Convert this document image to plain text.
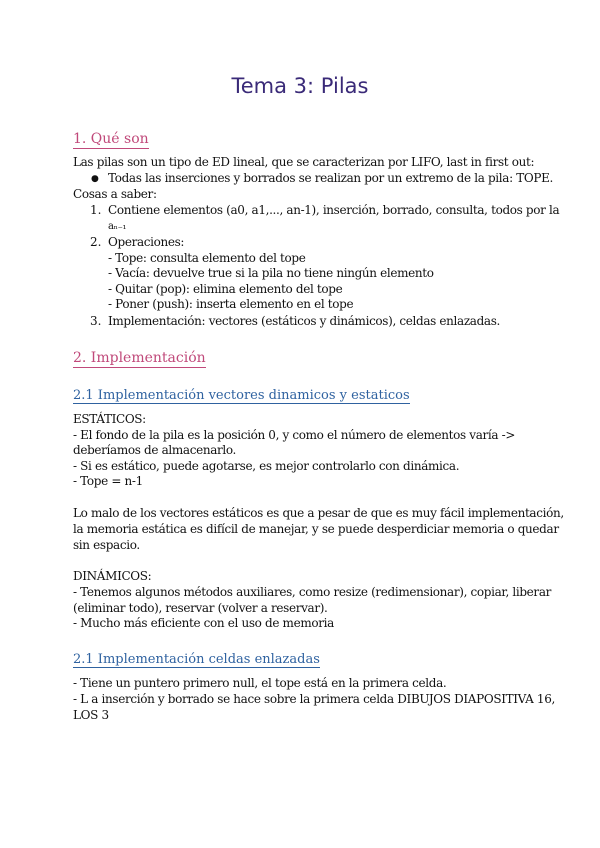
Tema 3: Pilas
1. Qué son
Las pilas son un tipo de ED lineal, que se caracterizan por LIFO, last in first out:
● Todas las inserciones y borrados se realizan por un extremo de la pila: TOPE.
Cosas a saber:
1. Contiene elementos (a0, a1,..., an-1), inserción, borrado, consulta, todos por la
aₙ₋₁
2. Operaciones:
- Tope: consulta elemento del tope
- Vacía: devuelve true si la pila no tiene ningún elemento
- Quitar (pop): elimina elemento del tope
- Poner (push): inserta elemento en el tope
3. Implementación: vectores (estáticos y dinámicos), celdas enlazadas.
2. Implementación
2.1 Implementación vectores dinamicos y estaticos
ESTÁTICOS:
- El fondo de la pila es la posición 0, y como el número de elementos varía ->
deberíamos de almacenarlo.
- Si es estático, puede agotarse, es mejor controlarlo con dinámica.
- Tope = n-1
Lo malo de los vectores estáticos es que a pesar de que es muy fácil implementación,
la memoria estática es difícil de manejar, y se puede desperdiciar memoria o quedar
sin espacio.
DINÁMICOS:
- Tenemos algunos métodos auxiliares, como resize (redimensionar), copiar, liberar
(eliminar todo), reservar (volver a reservar).
- Mucho más eficiente con el uso de memoria
2.1 Implementación celdas enlazadas
- Tiene un puntero primero null, el tope está en la primera celda.
- L a inserción y borrado se hace sobre la primera celda DIBUJOS DIAPOSITIVA 16,
LOS 3
